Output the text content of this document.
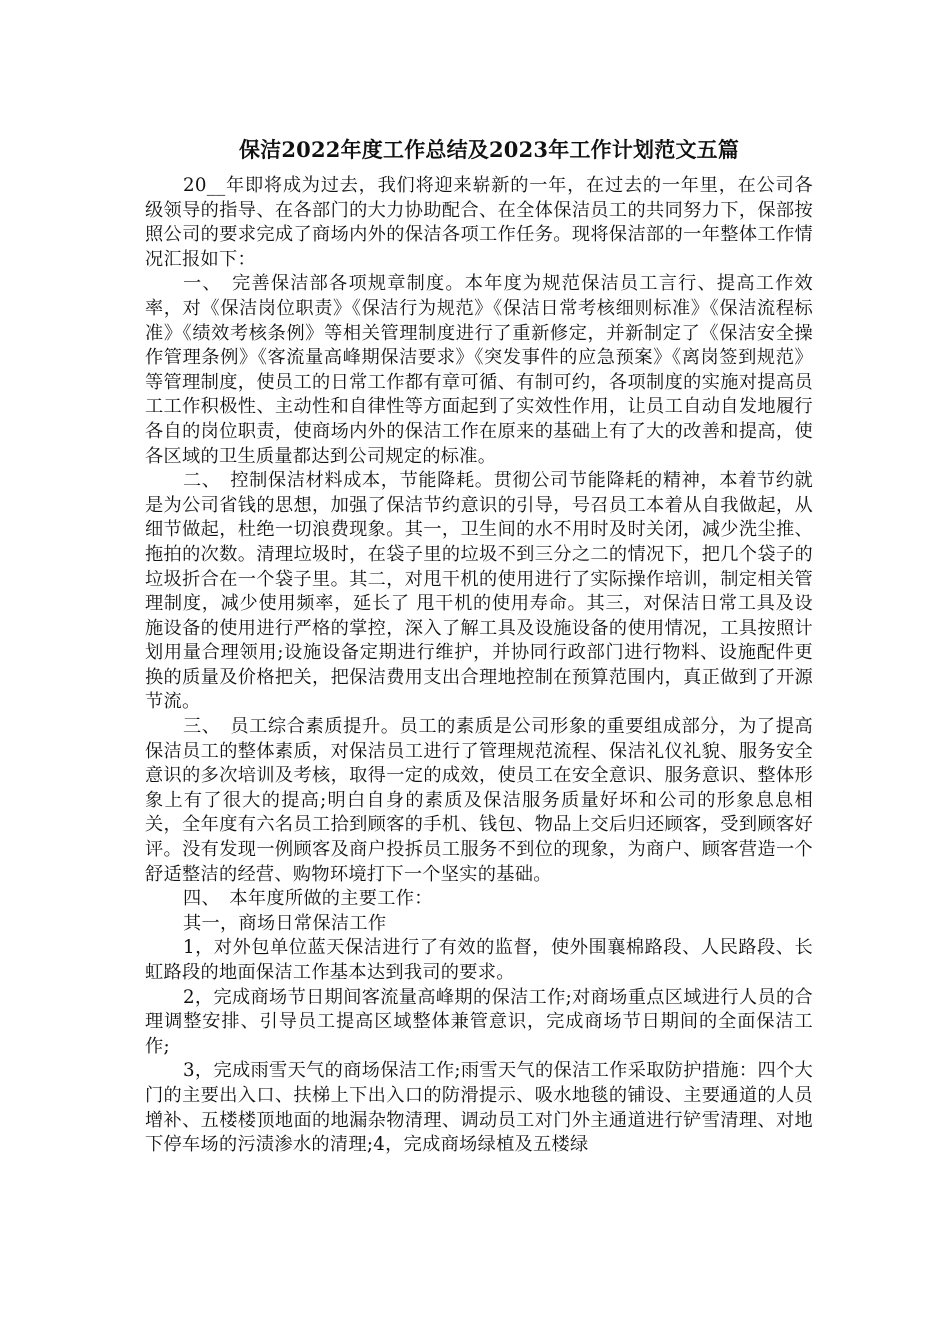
保洁2022年度工作总结及2023年工作计划范文五篇

20__年即将成为过去，我们将迎来崭新的一年，在过去的一年里，在公司各级领导的指导、在各部门的大力协助配合、在全体保洁员工的共同努力下，保部按照公司的要求完成了商场内外的保洁各项工作任务。现将保洁部的一年整体工作情况汇报如下：

一、　完善保洁部各项规章制度。本年度为规范保洁员工言行、提高工作效率，对《保洁岗位职责》《保洁行为规范》《保洁日常考核细则标准》《保洁流程标准》《绩效考核条例》等相关管理制度进行了重新修定，并新制定了《保洁安全操作管理条例》《客流量高峰期保洁要求》《突发事件的应急预案》《离岗签到规范》等管理制度，使员工的日常工作都有章可循、有制可约，各项制度的实施对提高员工工作积极性、主动性和自律性等方面起到了实效性作用，让员工自动自发地履行各自的岗位职责，使商场内外的保洁工作在原来的基础上有了大的改善和提高，使各区域的卫生质量都达到公司规定的标准。

二、　控制保洁材料成本，节能降耗。贯彻公司节能降耗的精神，本着节约就是为公司省钱的思想，加强了保洁节约意识的引导，号召员工本着从自我做起，从细节做起，杜绝一切浪费现象。其一，卫生间的水不用时及时关闭，减少洗尘推、拖拍的次数。清理垃圾时，在袋子里的垃圾不到三分之二的情况下，把几个袋子的垃圾折合在一个袋子里。其二，对甩干机的使用进行了实际操作培训，制定相关管理制度，减少使用频率，延长了 甩干机的使用寿命。其三，对保洁日常工具及设施设备的使用进行严格的掌控，深入了解工具及设施设备的使用情况，工具按照计划用量合理领用;设施设备定期进行维护，并协同行政部门进行物料、设施配件更换的质量及价格把关，把保洁费用支出合理地控制在预算范围内，真正做到了开源节流。

三、　员工综合素质提升。员工的素质是公司形象的重要组成部分，为了提高保洁员工的整体素质，对保洁员工进行了管理规范流程、保洁礼仪礼貌、服务安全意识的多次培训及考核，取得一定的成效，使员工在安全意识、服务意识、整体形象上有了很大的提高;明白自身的素质及保洁服务质量好坏和公司的形象息息相关，全年度有六名员工拾到顾客的手机、钱包、物品上交后归还顾客，受到顾客好评。没有发现一例顾客及商户投拆员工服务不到位的现象，为商户、顾客营造一个舒适整洁的经营、购物环境打下一个坚实的基础。

四、　本年度所做的主要工作：

其一，商场日常保洁工作

1，对外包单位蓝天保洁进行了有效的监督，使外围襄棉路段、人民路段、长虹路段的地面保洁工作基本达到我司的要求。

2，完成商场节日期间客流量高峰期的保洁工作;对商场重点区域进行人员的合理调整安排、引导员工提高区域整体兼管意识，完成商场节日期间的全面保洁工作;

3，完成雨雪天气的商场保洁工作;雨雪天气的保洁工作采取防护措施：四个大门的主要出入口、扶梯上下出入口的防滑提示、吸水地毯的铺设、主要通道的人员增补、五楼楼顶地面的地漏杂物清理、调动员工对门外主通道进行铲雪清理、对地下停车场的污渍渗水的清理;4，完成商场绿植及五楼绿
